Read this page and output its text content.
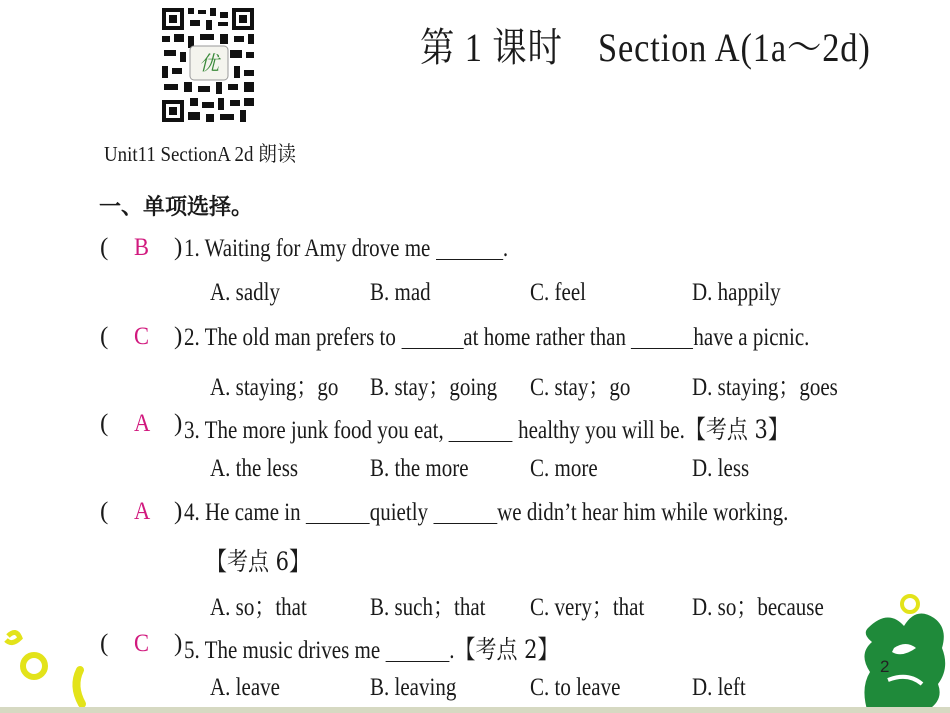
优	第 1 课时　Section A(1a～2d)
Unit11 SectionA 2d 朗读
一、单项选择。
( B ) 1. Waiting for Amy drove me	.
A. sadly	B. mad	C. feel	D. happily
( C ) 2. The old man prefers to at home rather than have a picnic.
A. staying；go B. stay；going C. stay；go D. staying；goes
( A ) 3. The more junk food you eat,	healthy you will be.【考点 3】
A. the less	B. the more C. more	D. less
( A ) 4. He came in	quietly	we didn’t hear him while working.
【考点 6】
A. so；that	B. such；that C. very；that D. so；because
( C ) 5. The music drives me	.【考点 2】
A. leave	B. leaving	C. to leave	D. left
2
